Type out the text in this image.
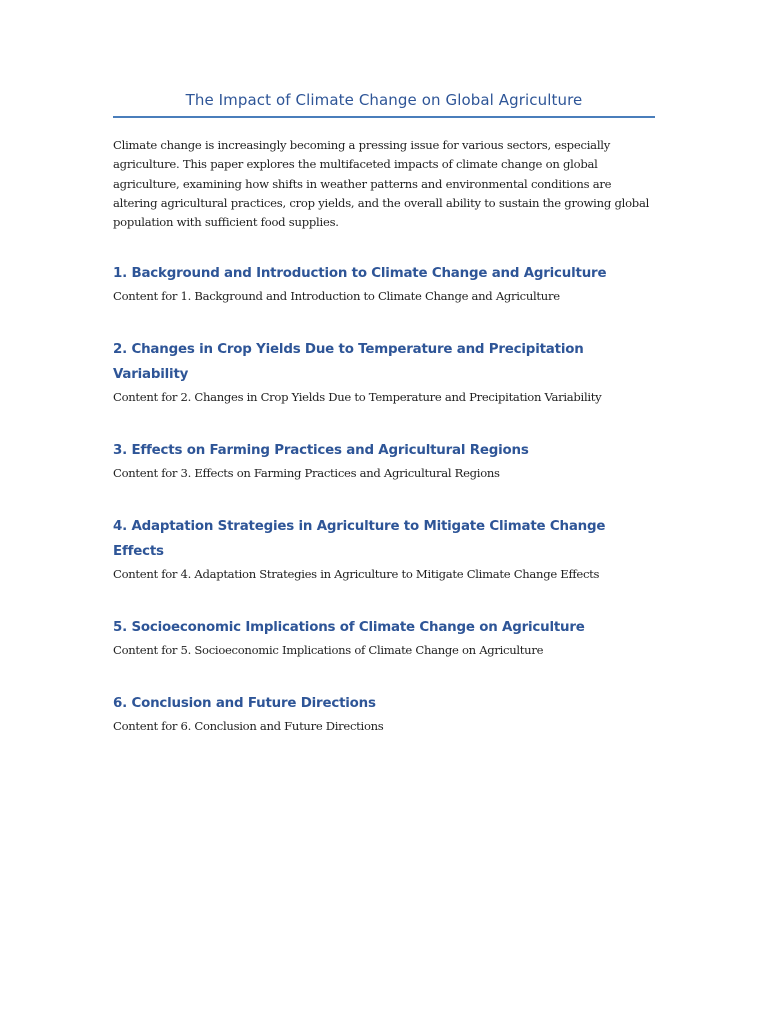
The Impact of Climate Change on Global Agriculture

Climate change is increasingly becoming a pressing issue for various sectors, especially agriculture. This paper explores the multifaceted impacts of climate change on global agriculture, examining how shifts in weather patterns and environmental conditions are altering agricultural practices, crop yields, and the overall ability to sustain the growing global population with sufficient food supplies.

1. Background and Introduction to Climate Change and Agriculture

Content for 1. Background and Introduction to Climate Change and Agriculture

2. Changes in Crop Yields Due to Temperature and Precipitation Variability

Content for 2. Changes in Crop Yields Due to Temperature and Precipitation Variability

3. Effects on Farming Practices and Agricultural Regions

Content for 3. Effects on Farming Practices and Agricultural Regions

4. Adaptation Strategies in Agriculture to Mitigate Climate Change Effects

Content for 4. Adaptation Strategies in Agriculture to Mitigate Climate Change Effects

5. Socioeconomic Implications of Climate Change on Agriculture

Content for 5. Socioeconomic Implications of Climate Change on Agriculture

6. Conclusion and Future Directions

Content for 6. Conclusion and Future Directions
